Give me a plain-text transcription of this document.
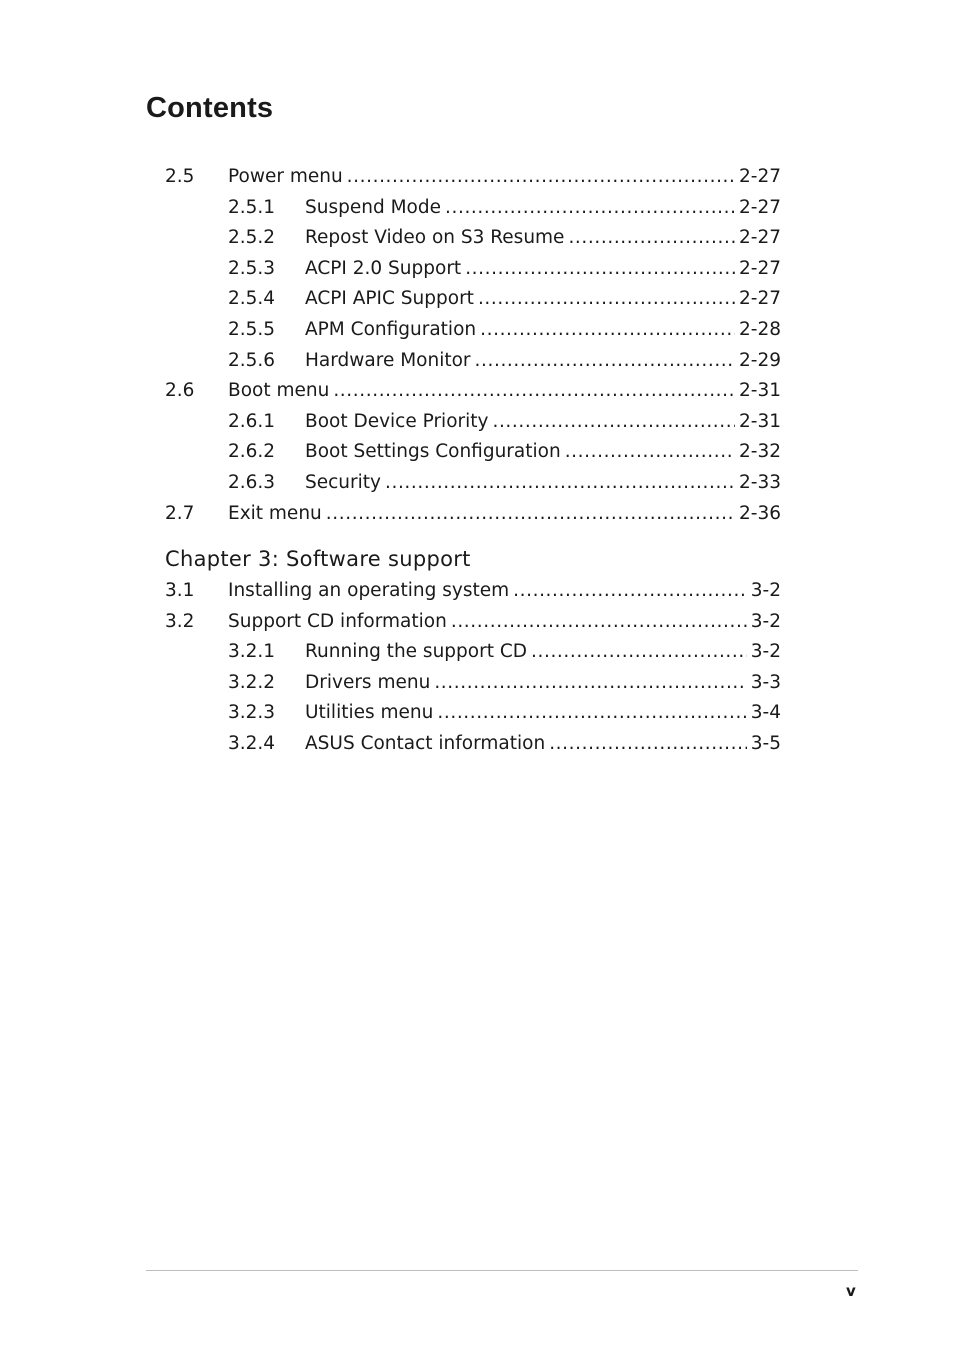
Contents
2.5 Power menu .....	2-27
2.5.1 Suspend Mode .....	2-27
2.5.2 Repost Video on S3 Resume .....	2-27
2.5.3 ACPI 2.0 Support .....	2-27
2.5.4 ACPI APIC Support .....	2-27
2.5.5 APM Configuration .....	2-28
2.5.6 Hardware Monitor .....	2-29
2.6 Boot menu .....	2-31
2.6.1 Boot Device Priority .....	2-31
2.6.2 Boot Settings Configuration .....	2-32
2.6.3 Security .....	2-33
2.7 Exit menu .....	2-36
Chapter 3: Software support
3.1 Installing an operating system .....	3-2
3.2 Support CD information .....	3-2
3.2.1 Running the support CD .....	3-2
3.2.2 Drivers menu .....	3-3
3.2.3 Utilities menu .....	3-4
3.2.4 ASUS Contact information .....	3-5
v
